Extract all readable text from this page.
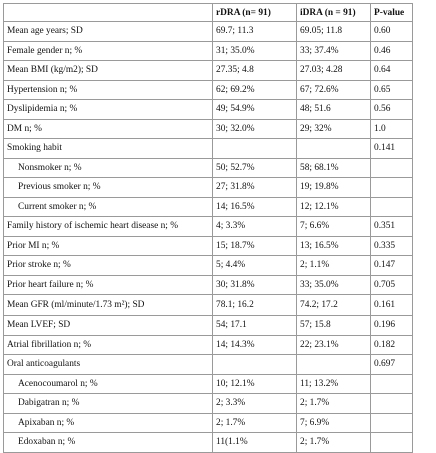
	rDRA (n= 91)	iDRA (n = 91)	P-value
Mean age years; SD	69.7; 11.3	69.05; 11.8	0.60
Female gender n; %	31; 35.0%	33; 37.4%	0.46
Mean BMI (kg/m2); SD	27.35; 4.8	27.03; 4.28	0.64
Hypertension n; %	62; 69.2%	67; 72.6%	0.65
Dyslipidemia n; %	49; 54.9%	48; 51.6	0.56
DM n; %	30; 32.0%	29; 32%	1.0
Smoking habit			0.141
Nonsmoker n; %	50; 52.7%	58; 68.1%	
Previous smoker n; %	27; 31.8%	19; 19.8%	
Current smoker n; %	14; 16.5%	12; 12.1%	
Family history of ischemic heart disease n; %	4; 3.3%	7; 6.6%	0.351
Prior MI n; %	15; 18.7%	13; 16.5%	0.335
Prior stroke n; %	5; 4.4%	2; 1.1%	0.147
Prior heart failure n; %	30; 31.8%	33; 35.0%	0.705
Mean GFR (ml/minute/1.73 m²); SD	78.1; 16.2	74.2; 17.2	0.161
Mean LVEF; SD	54; 17.1	57; 15.8	0.196
Atrial fibrillation n; %	14; 14.3%	22; 23.1%	0.182
Oral anticoagulants			0.697
Acenocoumarol n; %	10; 12.1%	11; 13.2%	
Dabigatran n; %	2; 3.3%	2; 1.7%	
Apixaban n; %	2; 1.7%	7; 6.9%	
Edoxaban n; %	11(1.1%	2; 1.7%	
